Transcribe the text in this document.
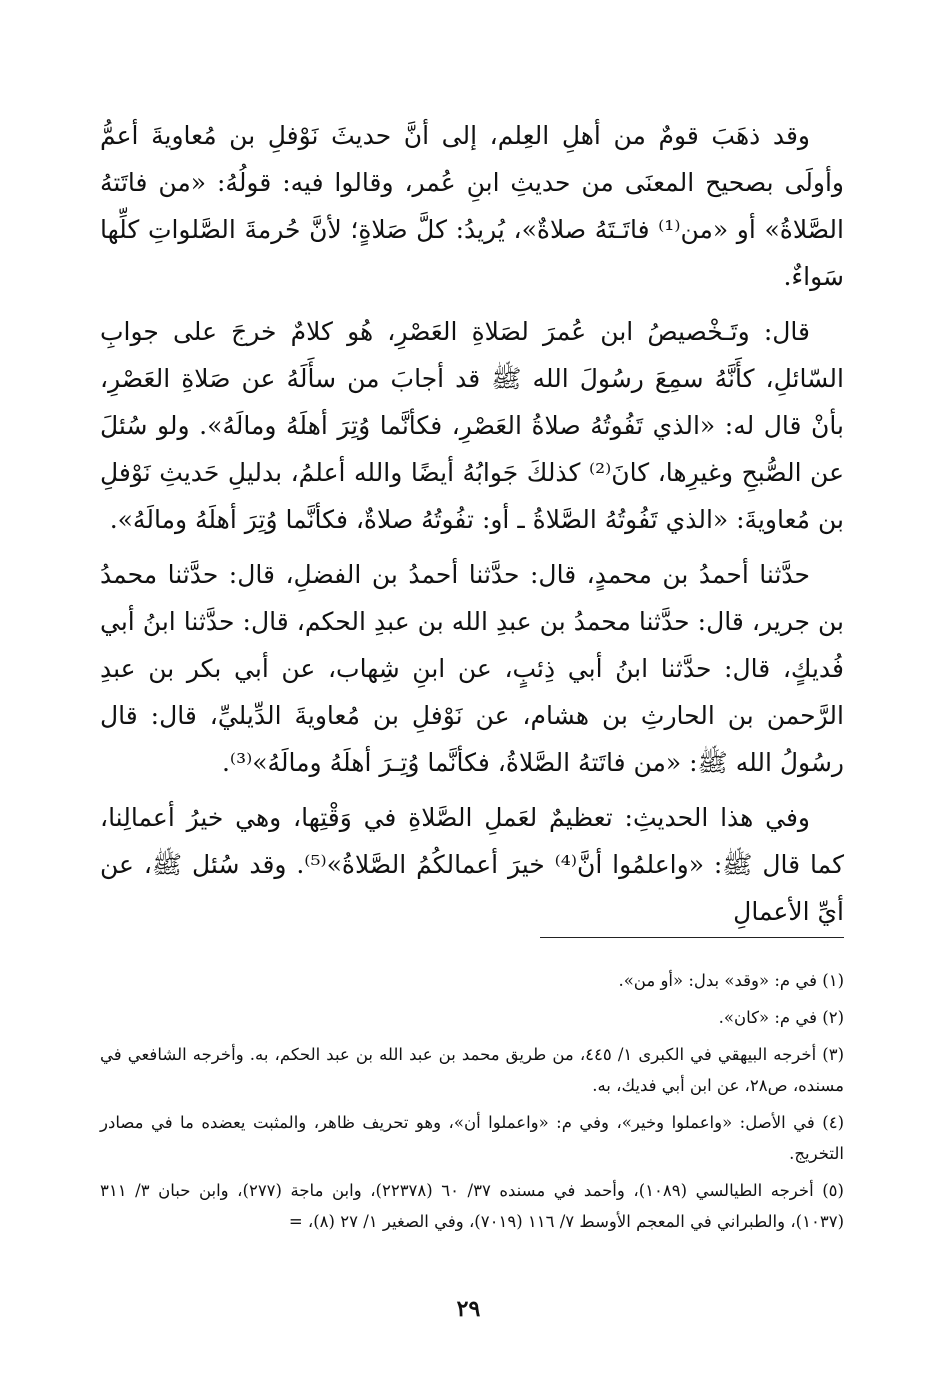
وقد ذهَبَ قومٌ من أهلِ العِلم، إلى أنَّ حديثَ نَوْفلِ بن مُعاويةَ أعمُّ وأولَى بصحيح المعنَى من حديثِ ابنِ عُمر، وقالوا فيه: قولُهُ: «من فاتَتهُ الصَّلاةُ» أو «من⁽¹⁾ فاتَـتَهُ صلاةٌ»، يُريدُ: كلَّ صَلاةٍ؛ لأنَّ حُرمةَ الصَّلواتِ كلِّها سَواءٌ.

قال: وتَـخْصيصُ ابن عُمرَ لصَلاةِ العَصْرِ، هُو كلامٌ خرجَ على جوابِ السّائلِ، كأَنَّهُ سمِعَ رسُولَ الله ﷺ قد أجابَ من سأَلَهُ عن صَلاةِ العَصْرِ، بأنْ قال له: «الذي تَفُوتُهُ صلاةُ العَصْرِ، فكأنَّما وُتِرَ أهلَهُ ومالَهُ». ولو سُئلَ عن الصُّبحِ وغيرِها، كانَ⁽²⁾ كذلكَ جَوابُهُ أيضًا والله أعلمُ، بدليلِ حَديثِ نَوْفلِ بن مُعاويةَ: «الذي تَفُوتُهُ الصَّلاةُ ـ أو: تفُوتُهُ صلاةٌ، فكأنَّما وُتِرَ أهلَهُ ومالَهُ».

حدَّثنا أحمدُ بن محمدٍ، قال: حدَّثنا أحمدُ بن الفضلِ، قال: حدَّثنا محمدُ بن جرير، قال: حدَّثنا محمدُ بن عبدِ الله بن عبدِ الحكم، قال: حدَّثنا ابنُ أبي فُديكٍ، قال: حدَّثنا ابنُ أبي ذِئبٍ، عن ابنِ شِهاب، عن أبي بكر بن عبدِ الرَّحمن بن الحارثِ بن هشام، عن نَوْفلِ بن مُعاويةَ الدِّيليِّ، قال: قال رسُولُ الله ﷺ: «من فاتَتهُ الصَّلاةُ، فكأنَّما وُتِـرَ أهلَهُ ومالَهُ»⁽³⁾.

وفي هذا الحديثِ: تعظيمٌ لعَملِ الصَّلاةِ في وَقْتِها، وهي خيرُ أعمالِنا، كما قال ﷺ: «واعلمُوا أنَّ⁽⁴⁾ خيرَ أعمالكُمُ الصَّلاةُ»⁽⁵⁾. وقد سُئل ﷺ، عن أيِّ الأعمالِ

(١) في م: «وقد» بدل: «أو من».
(٢) في م: «كان».
(٣) أخرجه البيهقي في الكبرى ١/ ٤٤٥، من طريق محمد بن عبد الله بن عبد الحكم، به. وأخرجه الشافعي في مسنده، ص٢٨، عن ابن أبي فديك، به.
(٤) في الأصل: «واعملوا وخير»، وفي م: «واعملوا أن»، وهو تحريف ظاهر، والمثبت يعضده ما في مصادر التخريج.
(٥) أخرجه الطيالسي (١٠٨٩)، وأحمد في مسنده ٣٧/ ٦٠ (٢٢٣٧٨)، وابن ماجة (٢٧٧)، وابن حبان ٣/ ٣١١ (١٠٣٧)، والطبراني في المعجم الأوسط ٧/ ١١٦ (٧٠١٩)، وفي الصغير ١/ ٢٧ (٨)، =
٢٩
